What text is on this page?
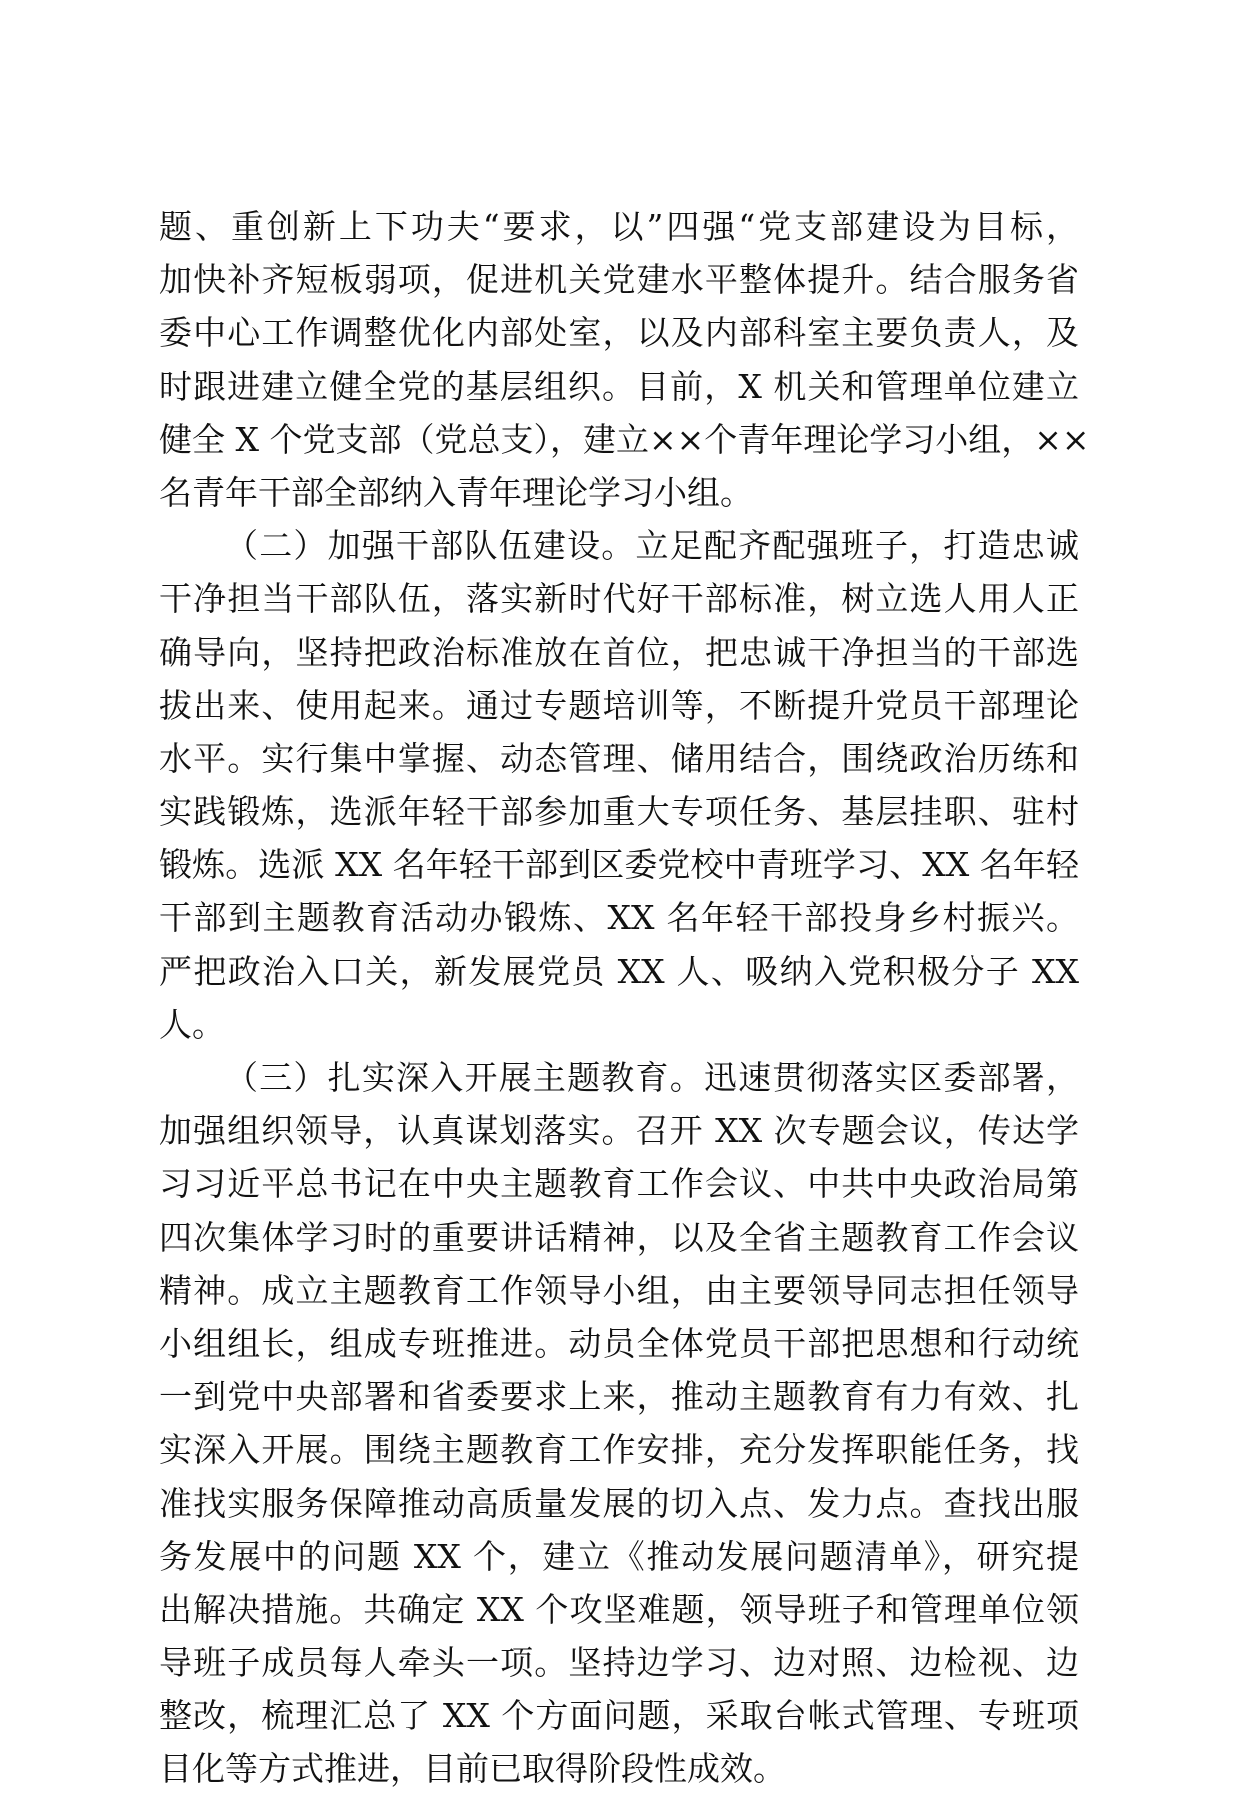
题、重创新上下功夫“要求，以”四强“党支部建设为目标，
加快补齐短板弱项，促进机关党建水平整体提升。结合服务省
委中心工作调整优化内部处室，以及内部科室主要负责人，及
时跟进建立健全党的基层组织。目前，X 机关和管理单位建立
健全 X 个党支部（党总支），建立××个青年理论学习小组，××
名青年干部全部纳入青年理论学习小组。
（二）加强干部队伍建设。立足配齐配强班子，打造忠诚
干净担当干部队伍，落实新时代好干部标准，树立选人用人正
确导向，坚持把政治标准放在首位，把忠诚干净担当的干部选
拔出来、使用起来。通过专题培训等，不断提升党员干部理论
水平。实行集中掌握、动态管理、储用结合，围绕政治历练和
实践锻炼，选派年轻干部参加重大专项任务、基层挂职、驻村
锻炼。选派 XX 名年轻干部到区委党校中青班学习、XX 名年轻
干部到主题教育活动办锻炼、XX 名年轻干部投身乡村振兴。
严把政治入口关，新发展党员 XX 人、吸纳入党积极分子 XX
人。
（三）扎实深入开展主题教育。迅速贯彻落实区委部署，
加强组织领导，认真谋划落实。召开 XX 次专题会议，传达学
习习近平总书记在中央主题教育工作会议、中共中央政治局第
四次集体学习时的重要讲话精神，以及全省主题教育工作会议
精神。成立主题教育工作领导小组，由主要领导同志担任领导
小组组长，组成专班推进。动员全体党员干部把思想和行动统
一到党中央部署和省委要求上来，推动主题教育有力有效、扎
实深入开展。围绕主题教育工作安排，充分发挥职能任务，找
准找实服务保障推动高质量发展的切入点、发力点。查找出服
务发展中的问题 XX 个，建立《推动发展问题清单》，研究提
出解决措施。共确定 XX 个攻坚难题，领导班子和管理单位领
导班子成员每人牵头一项。坚持边学习、边对照、边检视、边
整改，梳理汇总了 XX 个方面问题，采取台帐式管理、专班项
目化等方式推进，目前已取得阶段性成效。
